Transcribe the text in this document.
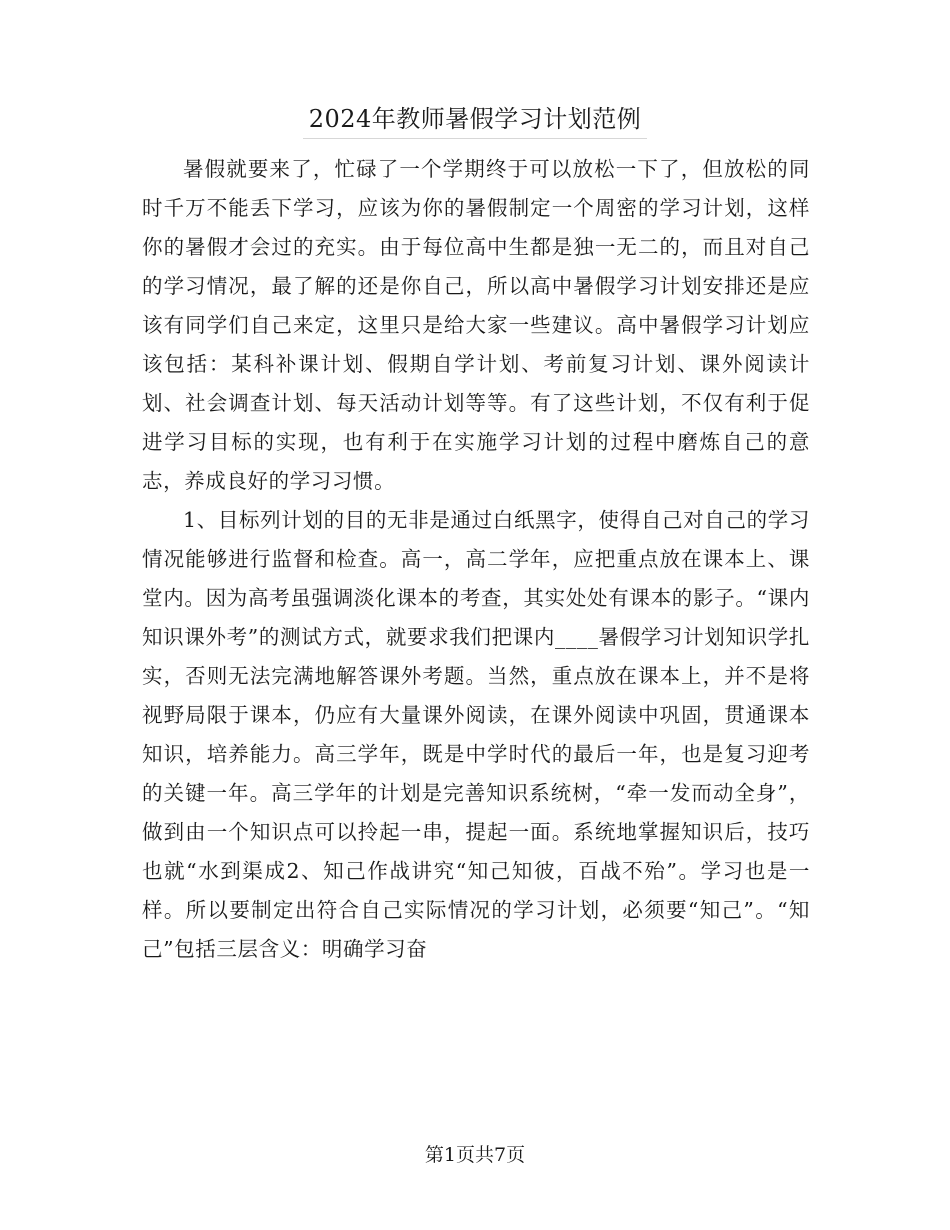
2024年教师暑假学习计划范例

暑假就要来了，忙碌了一个学期终于可以放松一下了，但放松的同时千万不能丢下学习，应该为你的暑假制定一个周密的学习计划，这样你的暑假才会过的充实。由于每位高中生都是独一无二的，而且对自己的学习情况，最了解的还是你自己，所以高中暑假学习计划安排还是应该有同学们自己来定，这里只是给大家一些建议。高中暑假学习计划应该包括：某科补课计划、假期自学计划、考前复习计划、课外阅读计划、社会调查计划、每天活动计划等等。有了这些计划，不仅有利于促进学习目标的实现，也有利于在实施学习计划的过程中磨炼自己的意志，养成良好的学习习惯。

1、目标列计划的目的无非是通过白纸黑字，使得自己对自己的学习情况能够进行监督和检查。高一，高二学年，应把重点放在课本上、课堂内。因为高考虽强调淡化课本的考查，其实处处有课本的影子。“课内知识课外考”的测试方式，就要求我们把课内____暑假学习计划知识学扎实，否则无法完满地解答课外考题。当然，重点放在课本上，并不是将视野局限于课本，仍应有大量课外阅读，在课外阅读中巩固，贯通课本知识，培养能力。高三学年，既是中学时代的最后一年，也是复习迎考的关键一年。高三学年的计划是完善知识系统树，“牵一发而动全身”，做到由一个知识点可以拎起一串，提起一面。系统地掌握知识后，技巧也就“水到渠成2、知己作战讲究“知己知彼，百战不殆”。学习也是一样。所以要制定出符合自己实际情况的学习计划，必须要“知己”。“知己”包括三层含义：明确学习奋

第1页共7页
